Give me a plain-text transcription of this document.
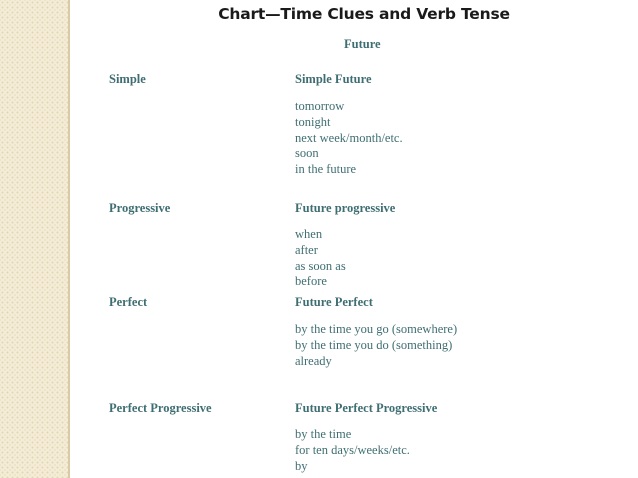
Chart—Time Clues and Verb Tense
Future
Simple	Simple Future
tomorrow
tonight
next week/month/etc.
soon
in the future
Progressive	Future progressive
when
after
as soon as
before
Perfect	Future Perfect
by the time you go (somewhere)
by the time you do (something)
already
Perfect Progressive	Future Perfect Progressive
by the time
for ten days/weeks/etc.
by
